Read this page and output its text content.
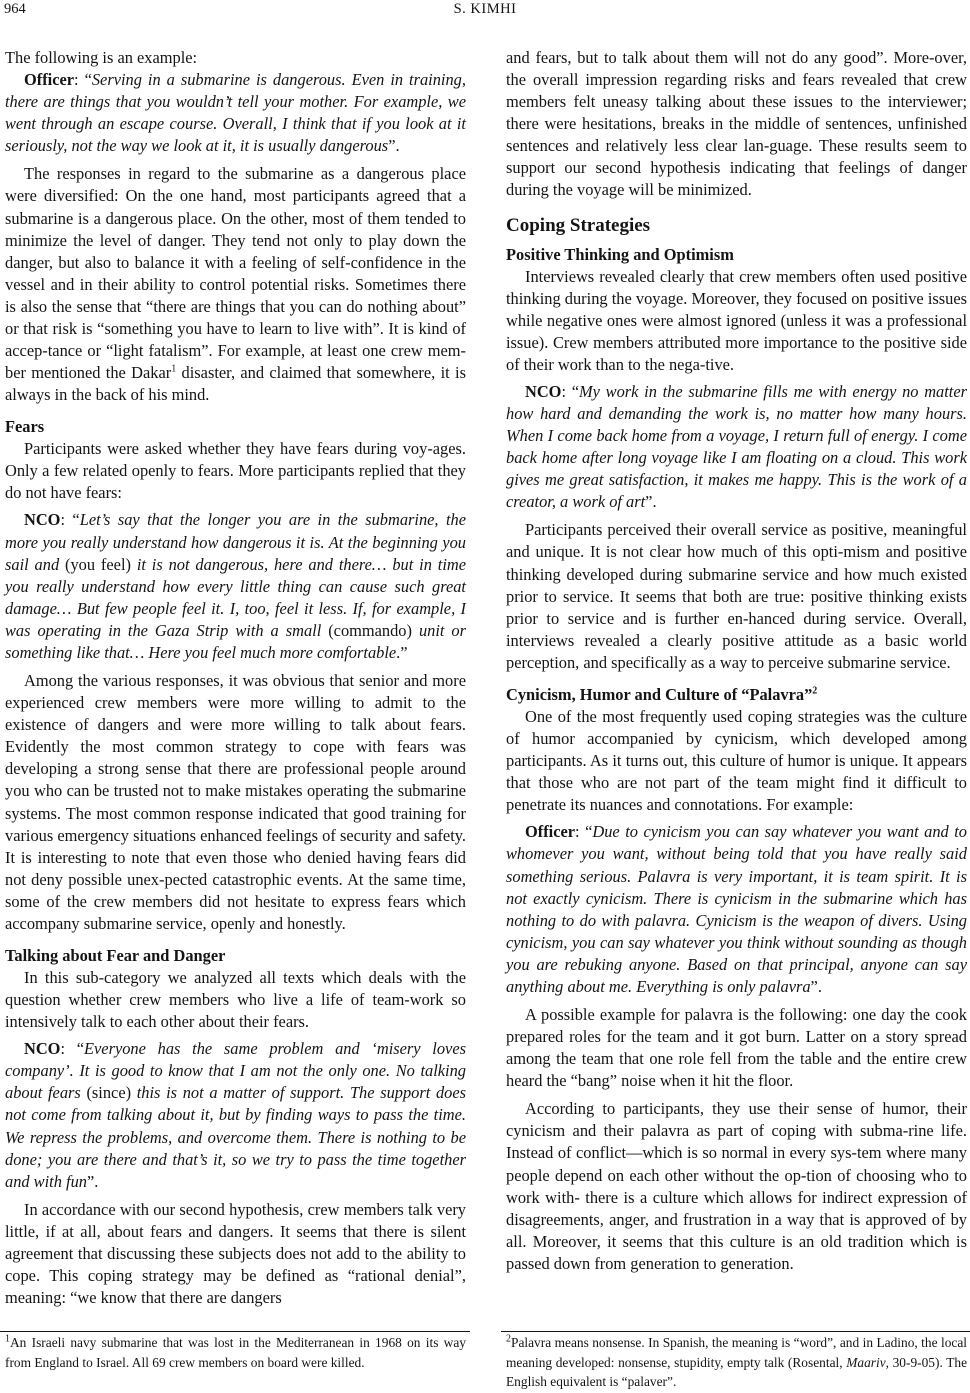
964	S. KIMHI

The following is an example:

Officer: “Serving in a submarine is dangerous. Even in training, there are things that you wouldn’t tell your mother. For example, we went through an escape course. Overall, I think that if you look at it seriously, not the way we look at it, it is usually dangerous”.

The responses in regard to the submarine as a dangerous place were diversified: On the one hand, most participants agreed that a submarine is a dangerous place. On the other, most of them tended to minimize the level of danger. They tend not only to play down the danger, but also to balance it with a feeling of self-confidence in the vessel and in their ability to control potential risks. Sometimes there is also the sense that “there are things that you can do nothing about” or that risk is “something you have to learn to live with”. It is kind of accep-tance or “light fatalism”. For example, at least one crew mem-ber mentioned the Dakar$^1$ disaster, and claimed that somewhere, it is always in the back of his mind.

Fears

Participants were asked whether they have fears during voy-ages. Only a few related openly to fears. More participants replied that they do not have fears:

NCO: “Let’s say that the longer you are in the submarine, the more you really understand how dangerous it is. At the beginning you sail and (you feel) it is not dangerous, here and there… but in time you really understand how every little thing can cause such great damage… But few people feel it. I, too, feel it less. If, for example, I was operating in the Gaza Strip with a small (commando) unit or something like that… Here you feel much more comfortable.”

Among the various responses, it was obvious that senior and more experienced crew members were more willing to admit to the existence of dangers and were more willing to talk about fears. Evidently the most common strategy to cope with fears was developing a strong sense that there are professional people around you who can be trusted not to make mistakes operating the submarine systems. The most common response indicated that good training for various emergency situations enhanced feelings of security and safety. It is interesting to note that even those who denied having fears did not deny possible unex-pected catastrophic events. At the same time, some of the crew members did not hesitate to express fears which accompany submarine service, openly and honestly.

Talking about Fear and Danger

In this sub-category we analyzed all texts which deals with the question whether crew members who live a life of team-work so intensively talk to each other about their fears.

NCO: “Everyone has the same problem and ‘misery loves company’. It is good to know that I am not the only one. No talking about fears (since) this is not a matter of support. The support does not come from talking about it, but by finding ways to pass the time. We repress the problems, and overcome them. There is nothing to be done; you are there and that’s it, so we try to pass the time together and with fun”.

In accordance with our second hypothesis, crew members talk very little, if at all, about fears and dangers. It seems that there is silent agreement that discussing these subjects does not add to the ability to cope. This coping strategy may be defined as “rational denial”, meaning: “we know that there are dangers

and fears, but to talk about them will not do any good”. More-over, the overall impression regarding risks and fears revealed that crew members felt uneasy talking about these issues to the interviewer; there were hesitations, breaks in the middle of sentences, unfinished sentences and relatively less clear lan-guage. These results seem to support our second hypothesis indicating that feelings of danger during the voyage will be minimized.

Coping Strategies
Positive Thinking and Optimism

Interviews revealed clearly that crew members often used positive thinking during the voyage. Moreover, they focused on positive issues while negative ones were almost ignored (unless it was a professional issue). Crew members attributed more importance to the positive side of their work than to the nega-tive.

NCO: “My work in the submarine fills me with energy no matter how hard and demanding the work is, no matter how many hours. When I come back home from a voyage, I return full of energy. I come back home after long voyage like I am floating on a cloud. This work gives me great satisfaction, it makes me happy. This is the work of a creator, a work of art”.

Participants perceived their overall service as positive, meaningful and unique. It is not clear how much of this opti-mism and positive thinking developed during submarine service and how much existed prior to service. It seems that both are true: positive thinking exists prior to service and is further en-hanced during service. Overall, interviews revealed a clearly positive attitude as a basic world perception, and specifically as a way to perceive submarine service.

Cynicism, Humor and Culture of “Palavra”$^2$

One of the most frequently used coping strategies was the culture of humor accompanied by cynicism, which developed among participants. As it turns out, this culture of humor is unique. It appears that those who are not part of the team might find it difficult to penetrate its nuances and connotations. For example:

Officer: “Due to cynicism you can say whatever you want and to whomever you want, without being told that you have really said something serious. Palavra is very important, it is team spirit. It is not exactly cynicism. There is cynicism in the submarine which has nothing to do with palavra. Cynicism is the weapon of divers. Using cynicism, you can say whatever you think without sounding as though you are rebuking anyone. Based on that principal, anyone can say anything about me. Everything is only palavra”.

A possible example for palavra is the following: one day the cook prepared roles for the team and it got burn. Latter on a story spread among the team that one role fell from the table and the entire crew heard the “bang” noise when it hit the floor.

According to participants, they use their sense of humor, their cynicism and their palavra as part of coping with subma-rine life. Instead of conflict—which is so normal in every sys-tem where many people depend on each other without the op-tion of choosing who to work with- there is a culture which allows for indirect expression of disagreements, anger, and frustration in a way that is approved of by all. Moreover, it seems that this culture is an old tradition which is passed down from generation to generation.

$^1$An Israeli navy submarine that was lost in the Mediterranean in 1968 on its way from England to Israel. All 69 crew members on board were killed.

$^2$Palavra means nonsense. In Spanish, the meaning is “word”, and in Ladino, the local meaning developed: nonsense, stupidity, empty talk (Rosental, Maariv, 30-9-05). The English equivalent is “palaver”.
